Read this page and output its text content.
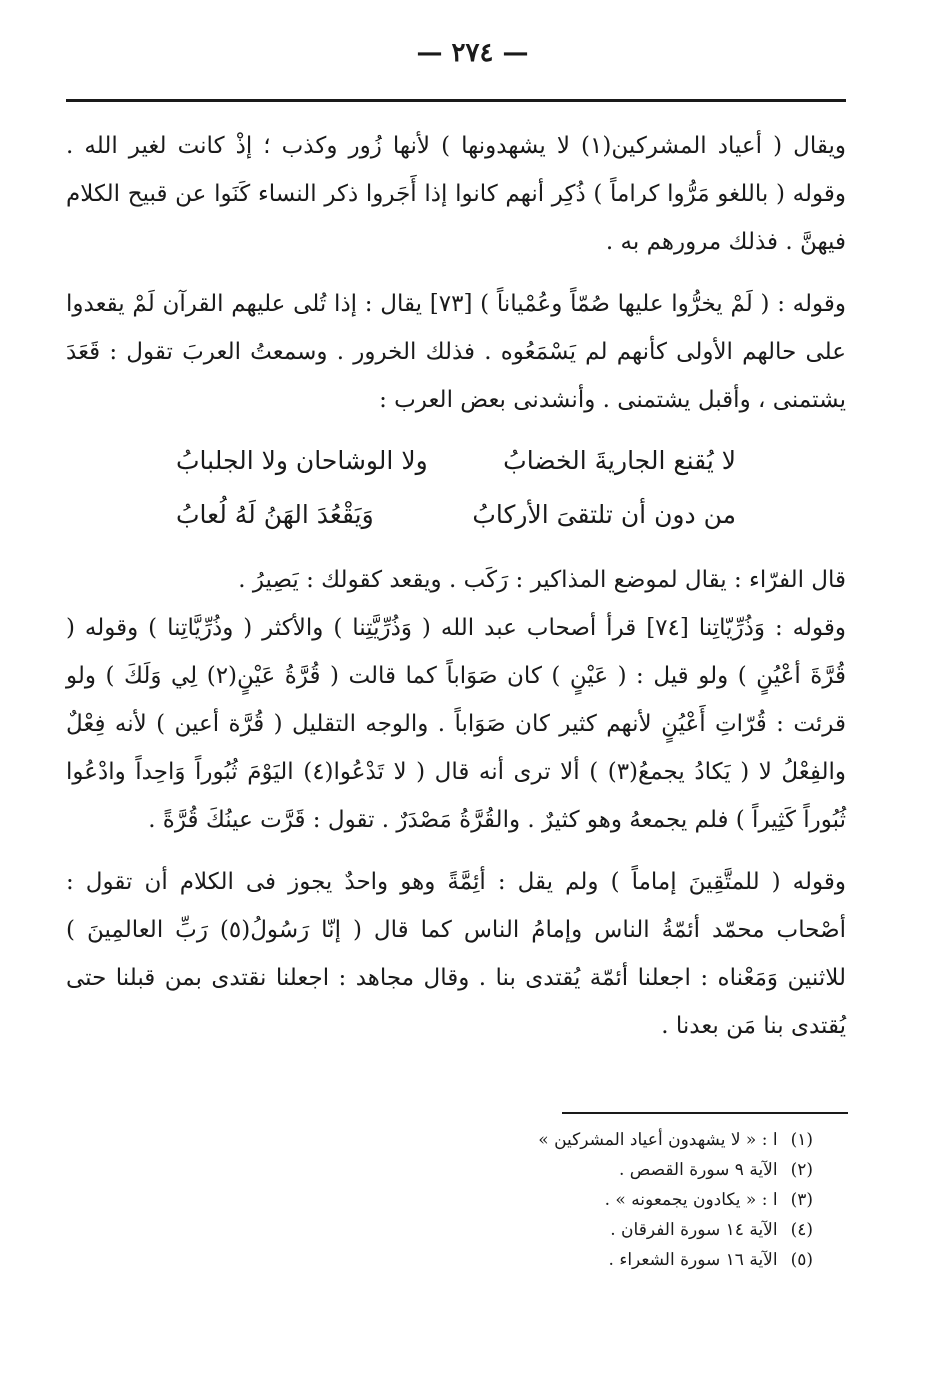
— ٢٧٤ —

ويقال ( أعياد المشركين(١) لا يشهدونها ) لأنها زُور وكذب ؛ إذْ كانت لغير الله . وقوله ( باللغو مَرُّوا كراماً ) ذُكِر أنهم كانوا إذا أَجَروا ذكر النساء كَنَوا عن قبيح الكلام فيهنَّ . فذلك مرورهم به .

وقوله : ( لَمْ يخرُّوا عليها صُمّاً وعُمْياناً ) [٧٣] يقال : إذا تُلى عليهم القرآن لَمْ يقعدوا على حالهم الأولى كأنهم لم يَسْمَعُوه . فذلك الخرور . وسمعتُ العربَ تقول : قَعَدَ يشتمنى ، وأقبل يشتمنى . وأنشدنى بعض العرب :

لا يُقنع الجاريةَ الخضابُ
ولا الوشاحان ولا الجلبابُ
من دون أن تلتقىَ الأركابُ
وَيَقْعُدَ الهَنُ لَهُ لُعابُ

قال الفرّاء : يقال لموضع المذاكير : رَكَب . ويقعد كقولك : يَصِيرُ .

وقوله : وَذُرِّيّاتِنا [٧٤] قرأ أصحاب عبد الله ( وَذُرِّيَّتِنا ) والأكثر ( وذُرِّيَّاتِنا ) وقوله ( قُرَّةَ أعْيُنٍ ) ولو قيل : ( عَيْنٍ ) كان صَوَاباً كما قالت ( قُرَّةُ عَيْنٍ(٢) لِي وَلَكَ ) ولو قرئت : قُرّاتِ أَعْيُنٍ لأنهم كثير كان صَوَاباً . والوجه التقليل ( قُرَّة أعين ) لأنه فِعْلٌ والفِعْلُ لا ( يَكادُ يجمعُ(٣) ) ألا ترى أنه قال ( لا تَدْعُوا(٤) اليَوْمَ ثُبُوراً وَاحِداً وادْعُوا ثُبُوراً كَثِيراً ) فلم يجمعهُ وهو كثيرٌ . والقُرَّةُ مَصْدَرٌ . تقول : قَرَّت عينُكَ قُرَّةً .

وقوله ( للمتَّقِينَ إماماً ) ولم يقل : أئِمَّةً وهو واحدٌ يجوز فى الكلام أن تقول : أصْحاب محمّد أئمّةُ الناس وإمامُ الناس كما قال ( إنّا رَسُولُ(٥) رَبِّ العالمِينَ ) للاثنين وَمَعْناه : اجعلنا أئمّة يُقتدى بنا . وقال مجاهد : اجعلنا نقتدى بمن قبلنا حتى يُقتدى بنا مَن بعدنا .

(١) ا : « لا يشهدون أعياد المشركين »
(٢) الآية ٩ سورة القصص .
(٣) ا : « يكادون يجمعونه » .
(٤) الآية ١٤ سورة الفرقان .
(٥) الآية ١٦ سورة الشعراء .
